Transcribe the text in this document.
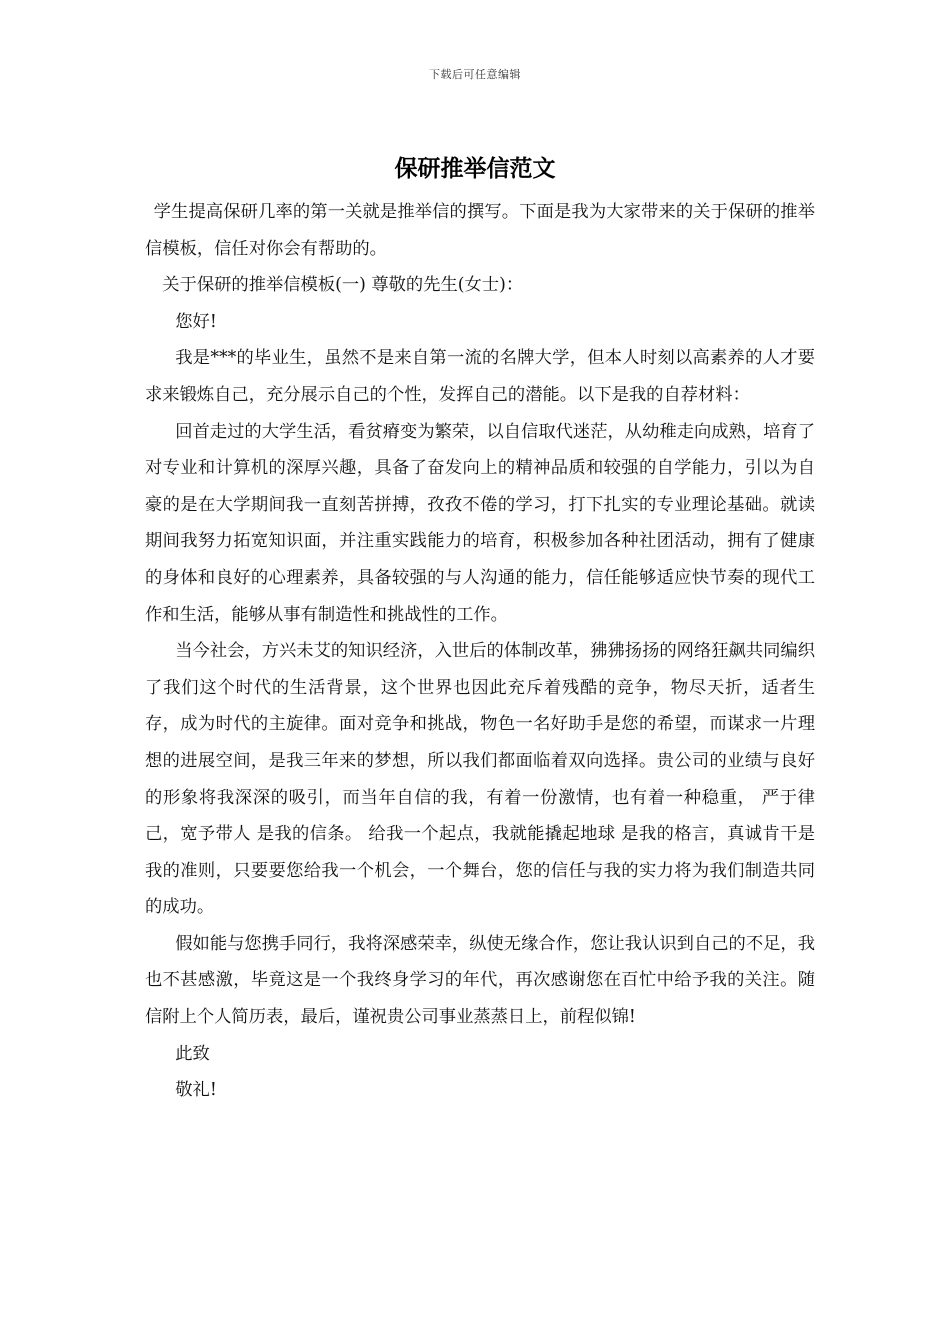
下载后可任意编辑
保研推举信范文

学生提高保研几率的第一关就是推举信的撰写。下面是我为大家带来的关于保研的推举信模板，信任对你会有帮助的。

关于保研的推举信模板(一) 尊敬的先生(女士)：

您好!

我是***的毕业生，虽然不是来自第一流的名牌大学，但本人时刻以高素养的人才要求来锻炼自己，充分展示自己的个性，发挥自己的潜能。以下是我的自荐材料：

回首走过的大学生活，看贫瘠变为繁荣，以自信取代迷茫，从幼稚走向成熟，培育了对专业和计算机的深厚兴趣，具备了奋发向上的精神品质和较强的自学能力，引以为自豪的是在大学期间我一直刻苦拼搏，孜孜不倦的学习，打下扎实的专业理论基础。就读期间我努力拓宽知识面，并注重实践能力的培育，积极参加各种社团活动，拥有了健康的身体和良好的心理素养，具备较强的与人沟通的能力，信任能够适应快节奏的现代工作和生活，能够从事有制造性和挑战性的工作。

当今社会，方兴未艾的知识经济，入世后的体制改革，狒狒扬扬的网络狂飙共同编织了我们这个时代的生活背景，这个世界也因此充斥着残酷的竞争，物尽天折，适者生存，成为时代的主旋律。面对竞争和挑战，物色一名好助手是您的希望，而谋求一片理想的进展空间，是我三年来的梦想，所以我们都面临着双向选择。贵公司的业绩与良好的形象将我深深的吸引，而当年自信的我，有着一份激情，也有着一种稳重， 严于律己，宽予带人 是我的信条。 给我一个起点，我就能撬起地球 是我的格言，真诚肯干是我的准则，只要要您给我一个机会，一个舞台，您的信任与我的实力将为我们制造共同的成功。

假如能与您携手同行，我将深感荣幸，纵使无缘合作，您让我认识到自己的不足，我也不甚感激，毕竟这是一个我终身学习的年代，再次感谢您在百忙中给予我的关注。随信附上个人简历表，最后，谨祝贵公司事业蒸蒸日上，前程似锦!

此致

敬礼!
